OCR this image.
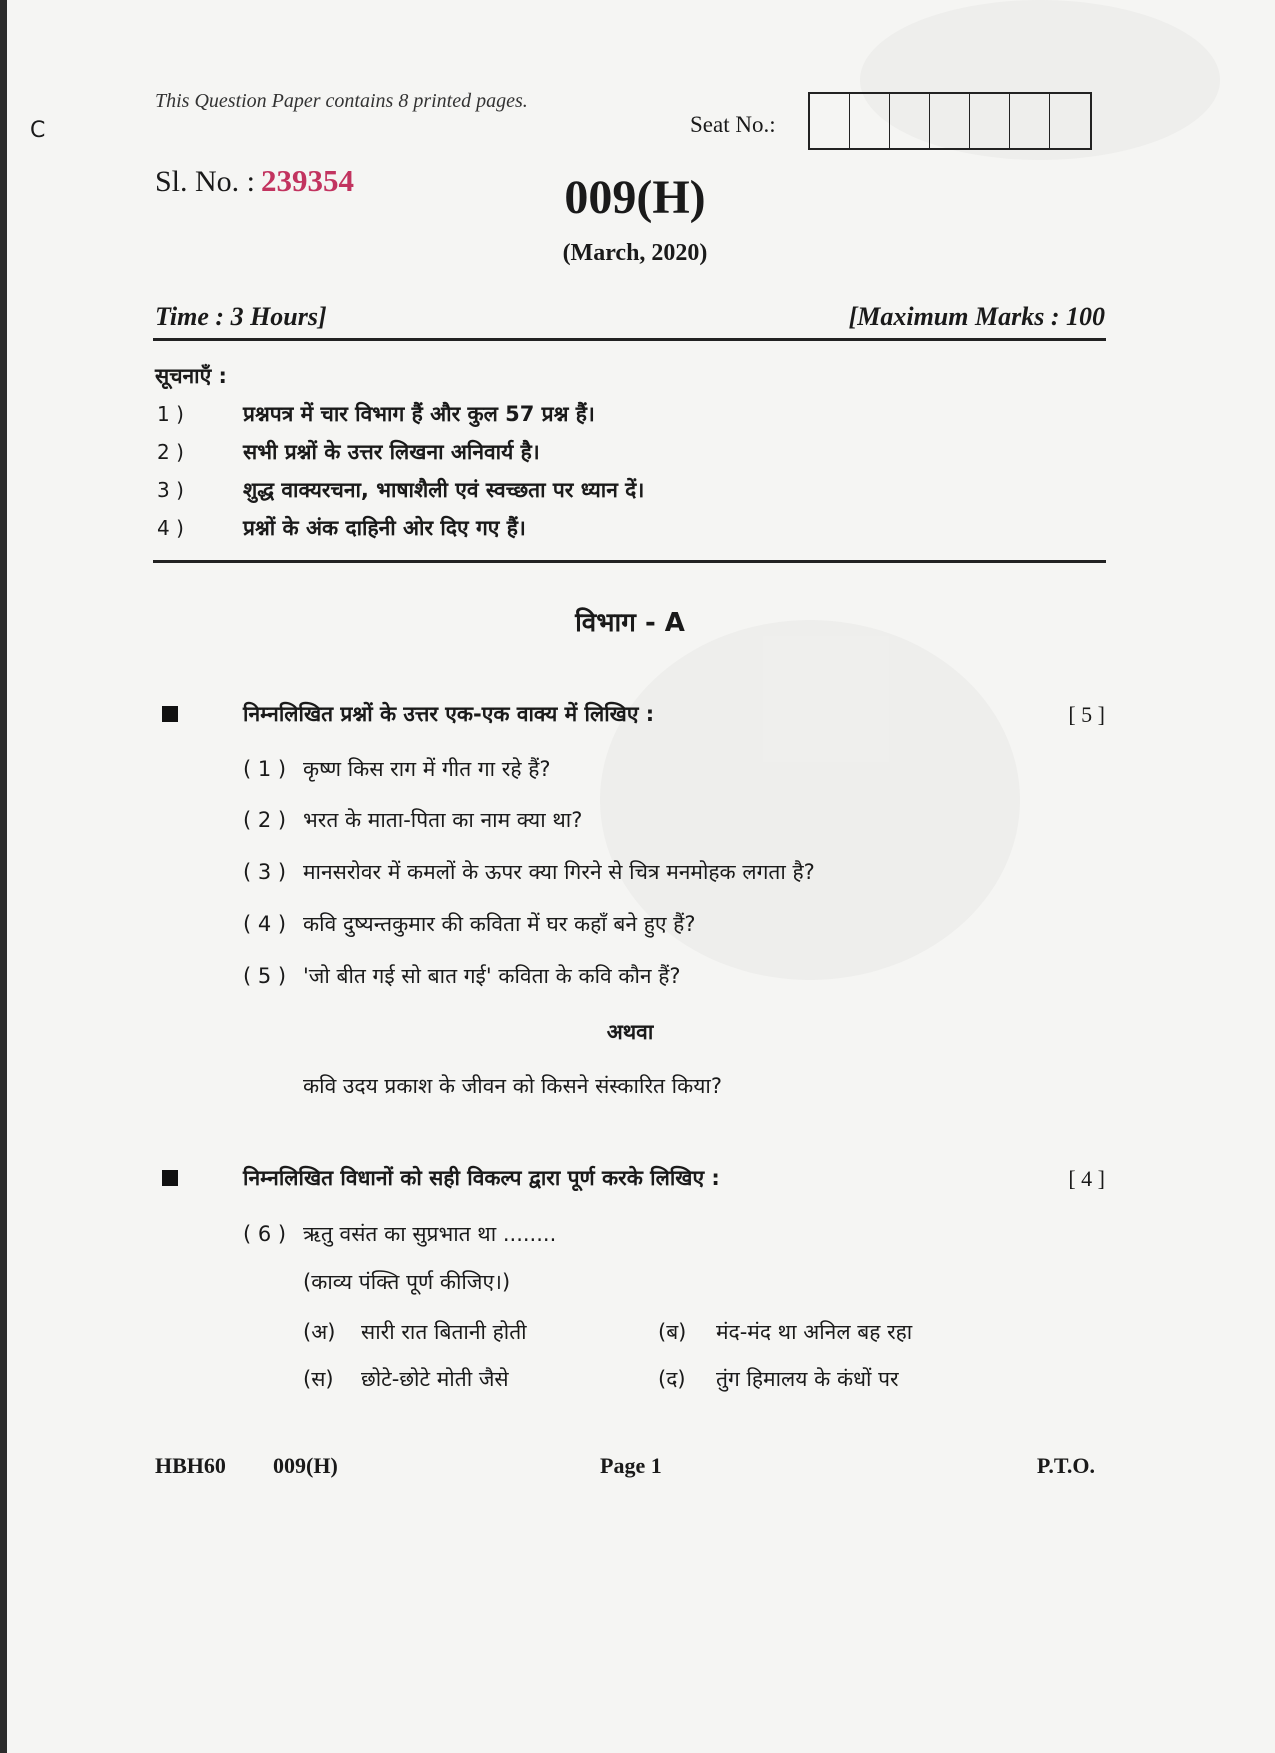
C
This Question Paper contains 8 printed pages.
Seat No.:
Sl. No. : 239354	009(H)
(March, 2020)
Time : 3 Hours]	[Maximum Marks : 100
सूचनाएँ :
1 )	प्रश्नपत्र में चार विभाग हैं और कुल 57 प्रश्न हैं।
2 )	सभी प्रश्नों के उत्तर लिखना अनिवार्य है।
3 )	शुद्ध वाक्यरचना, भाषाशैली एवं स्वच्छता पर ध्यान दें।
4 )	प्रश्नों के अंक दाहिनी ओर दिए गए हैं।
विभाग - A
निम्नलिखित प्रश्नों के उत्तर एक-एक वाक्य में लिखिए :	[ 5 ]
( 1 ) कृष्ण किस राग में गीत गा रहे हैं?
( 2 ) भरत के माता-पिता का नाम क्या था?
( 3 ) मानसरोवर में कमलों के ऊपर क्या गिरने से चित्र मनमोहक लगता है?
( 4 ) कवि दुष्यन्तकुमार की कविता में घर कहाँ बने हुए हैं?
( 5 ) 'जो बीत गई सो बात गई' कविता के कवि कौन हैं?
अथवा
कवि उदय प्रकाश के जीवन को किसने संस्कारित किया?
निम्नलिखित विधानों को सही विकल्प द्वारा पूर्ण करके लिखिए :	[ 4 ]
( 6 ) ऋतु वसंत का सुप्रभात था ........
(काव्य पंक्ति पूर्ण कीजिए।)
(अ) सारी रात बितानी होती	(ब) मंद-मंद था अनिल बह रहा
(स) छोटे-छोटे मोती जैसे	(द) तुंग हिमालय के कंधों पर
HBH60 009(H)	Page 1	P.T.O.
